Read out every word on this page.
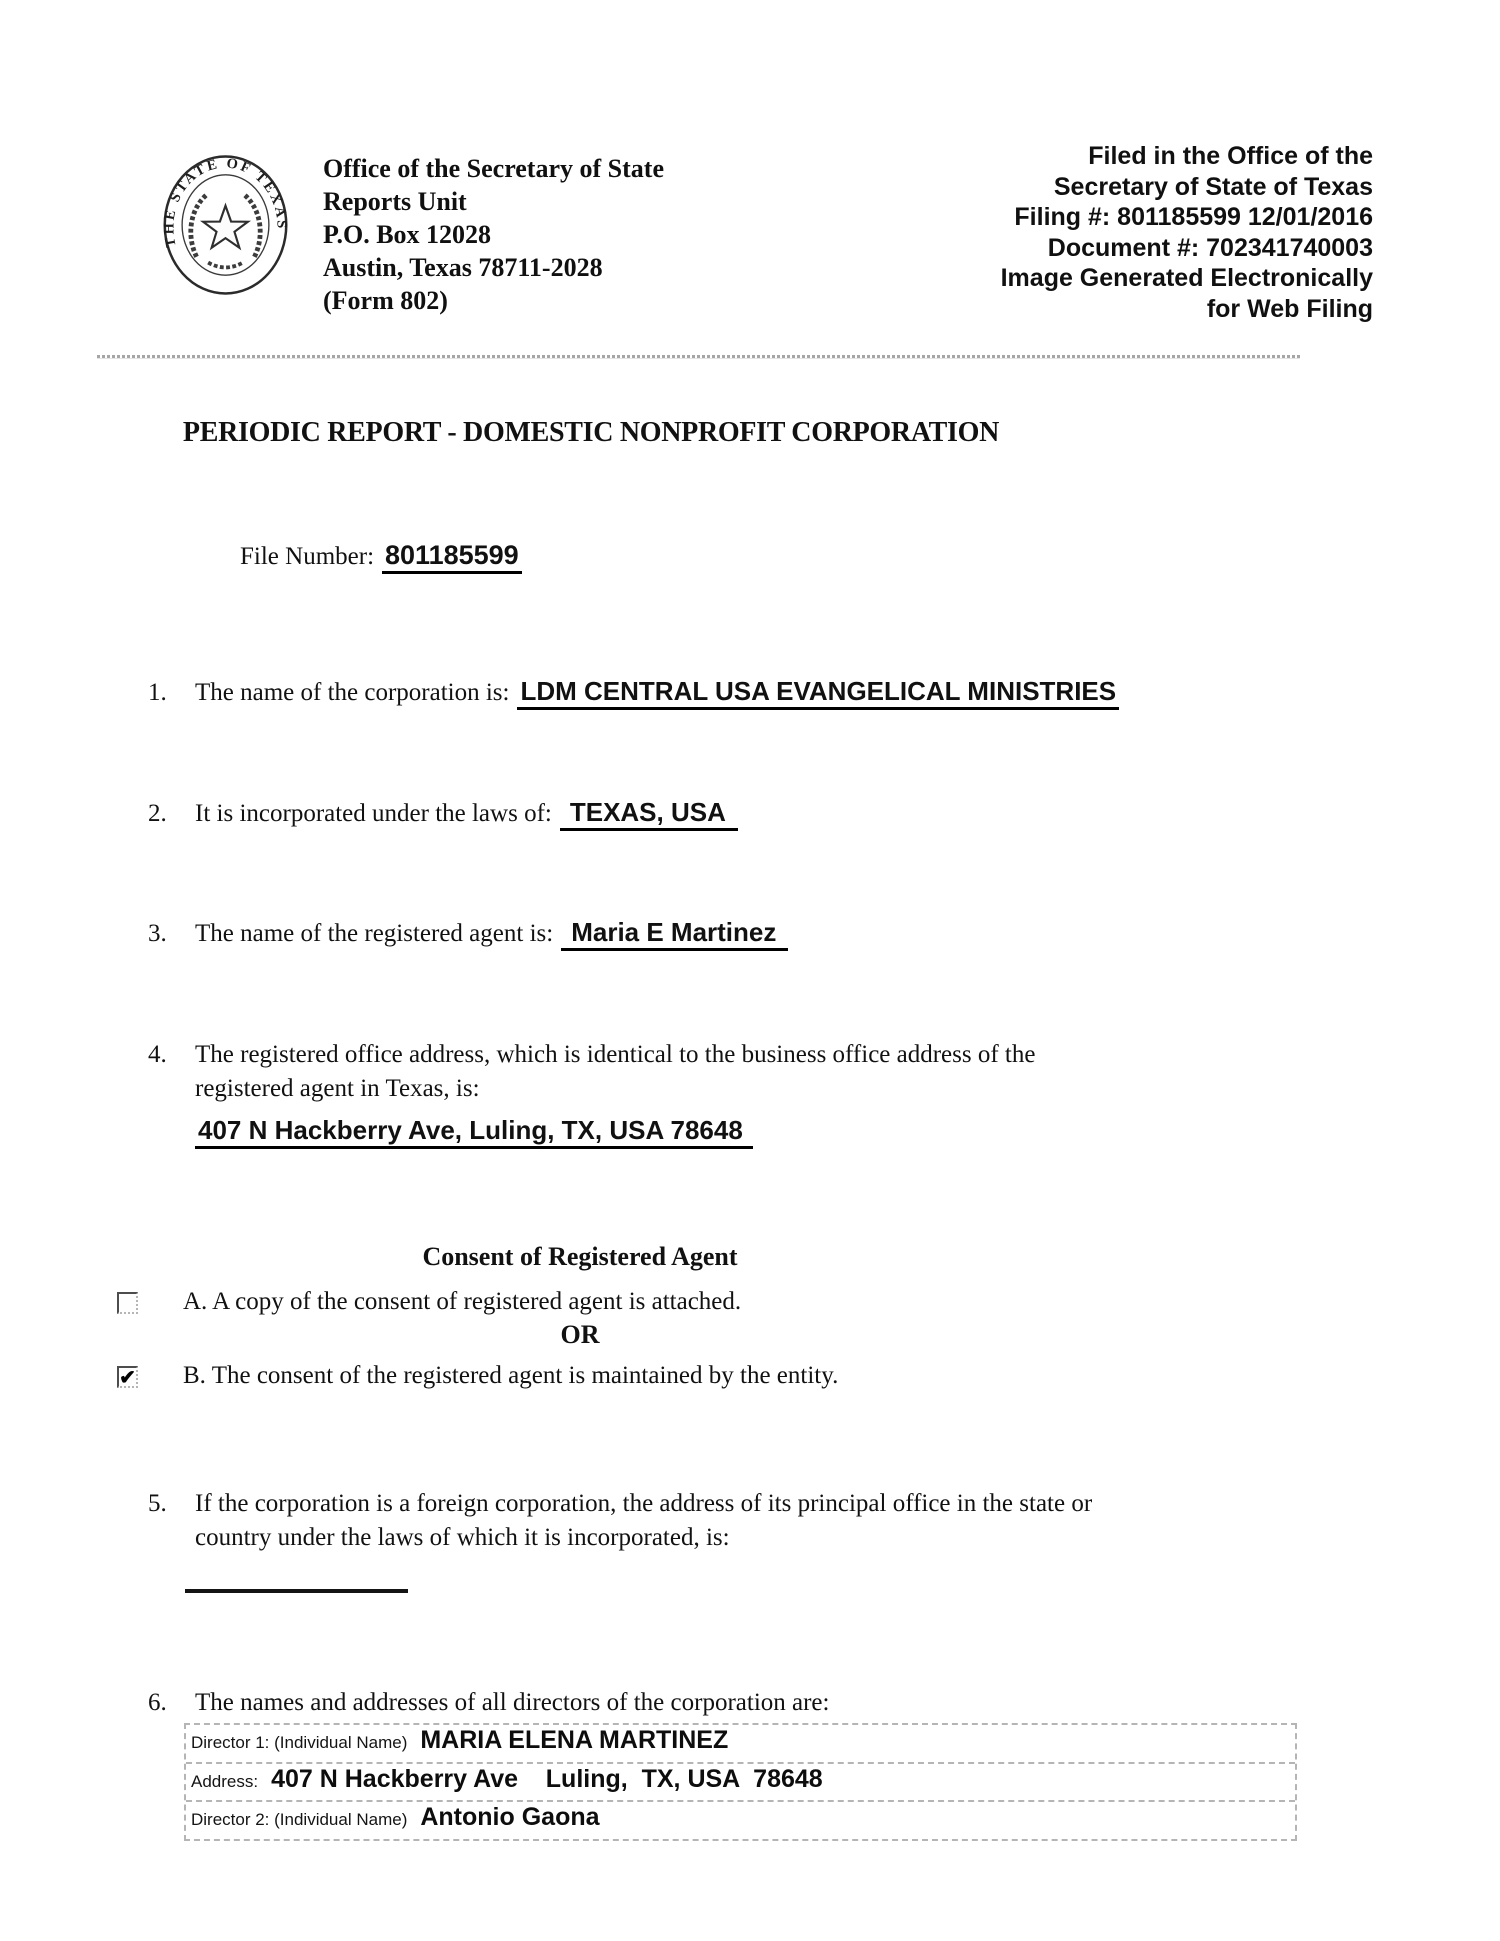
THE STATE OF TEXAS
Office of the Secretary of State
Reports Unit
P.O. Box 12028
Austin, Texas 78711-2028
(Form 802)
Filed in the Office of the
Secretary of State of Texas
Filing #: 801185599 12/01/2016
Document #: 702341740003
Image Generated Electronically
for Web Filing
PERIODIC REPORT - DOMESTIC NONPROFIT CORPORATION
File Number: 801185599
1.	The name of the corporation is: LDM CENTRAL USA EVANGELICAL MINISTRIES
2.	It is incorporated under the laws of: TEXAS, USA
3.	The name of the registered agent is: Maria E Martinez
4.	The registered office address, which is identical to the business office address of the
registered agent in Texas, is:
407 N Hackberry Ave, Luling, TX, USA 78648
Consent of Registered Agent
A. A copy of the consent of registered agent is attached.
OR
✔ B. The consent of the registered agent is maintained by the entity.
5.	If the corporation is a foreign corporation, the address of its principal office in the state or
country under the laws of which it is incorporated, is:
6.	The names and addresses of all directors of the corporation are:
Director 1: (Individual Name) MARIA ELENA MARTINEZ
Address: 407 N Hackberry Ave    Luling,  TX, USA  78648
Director 2: (Individual Name) Antonio Gaona
